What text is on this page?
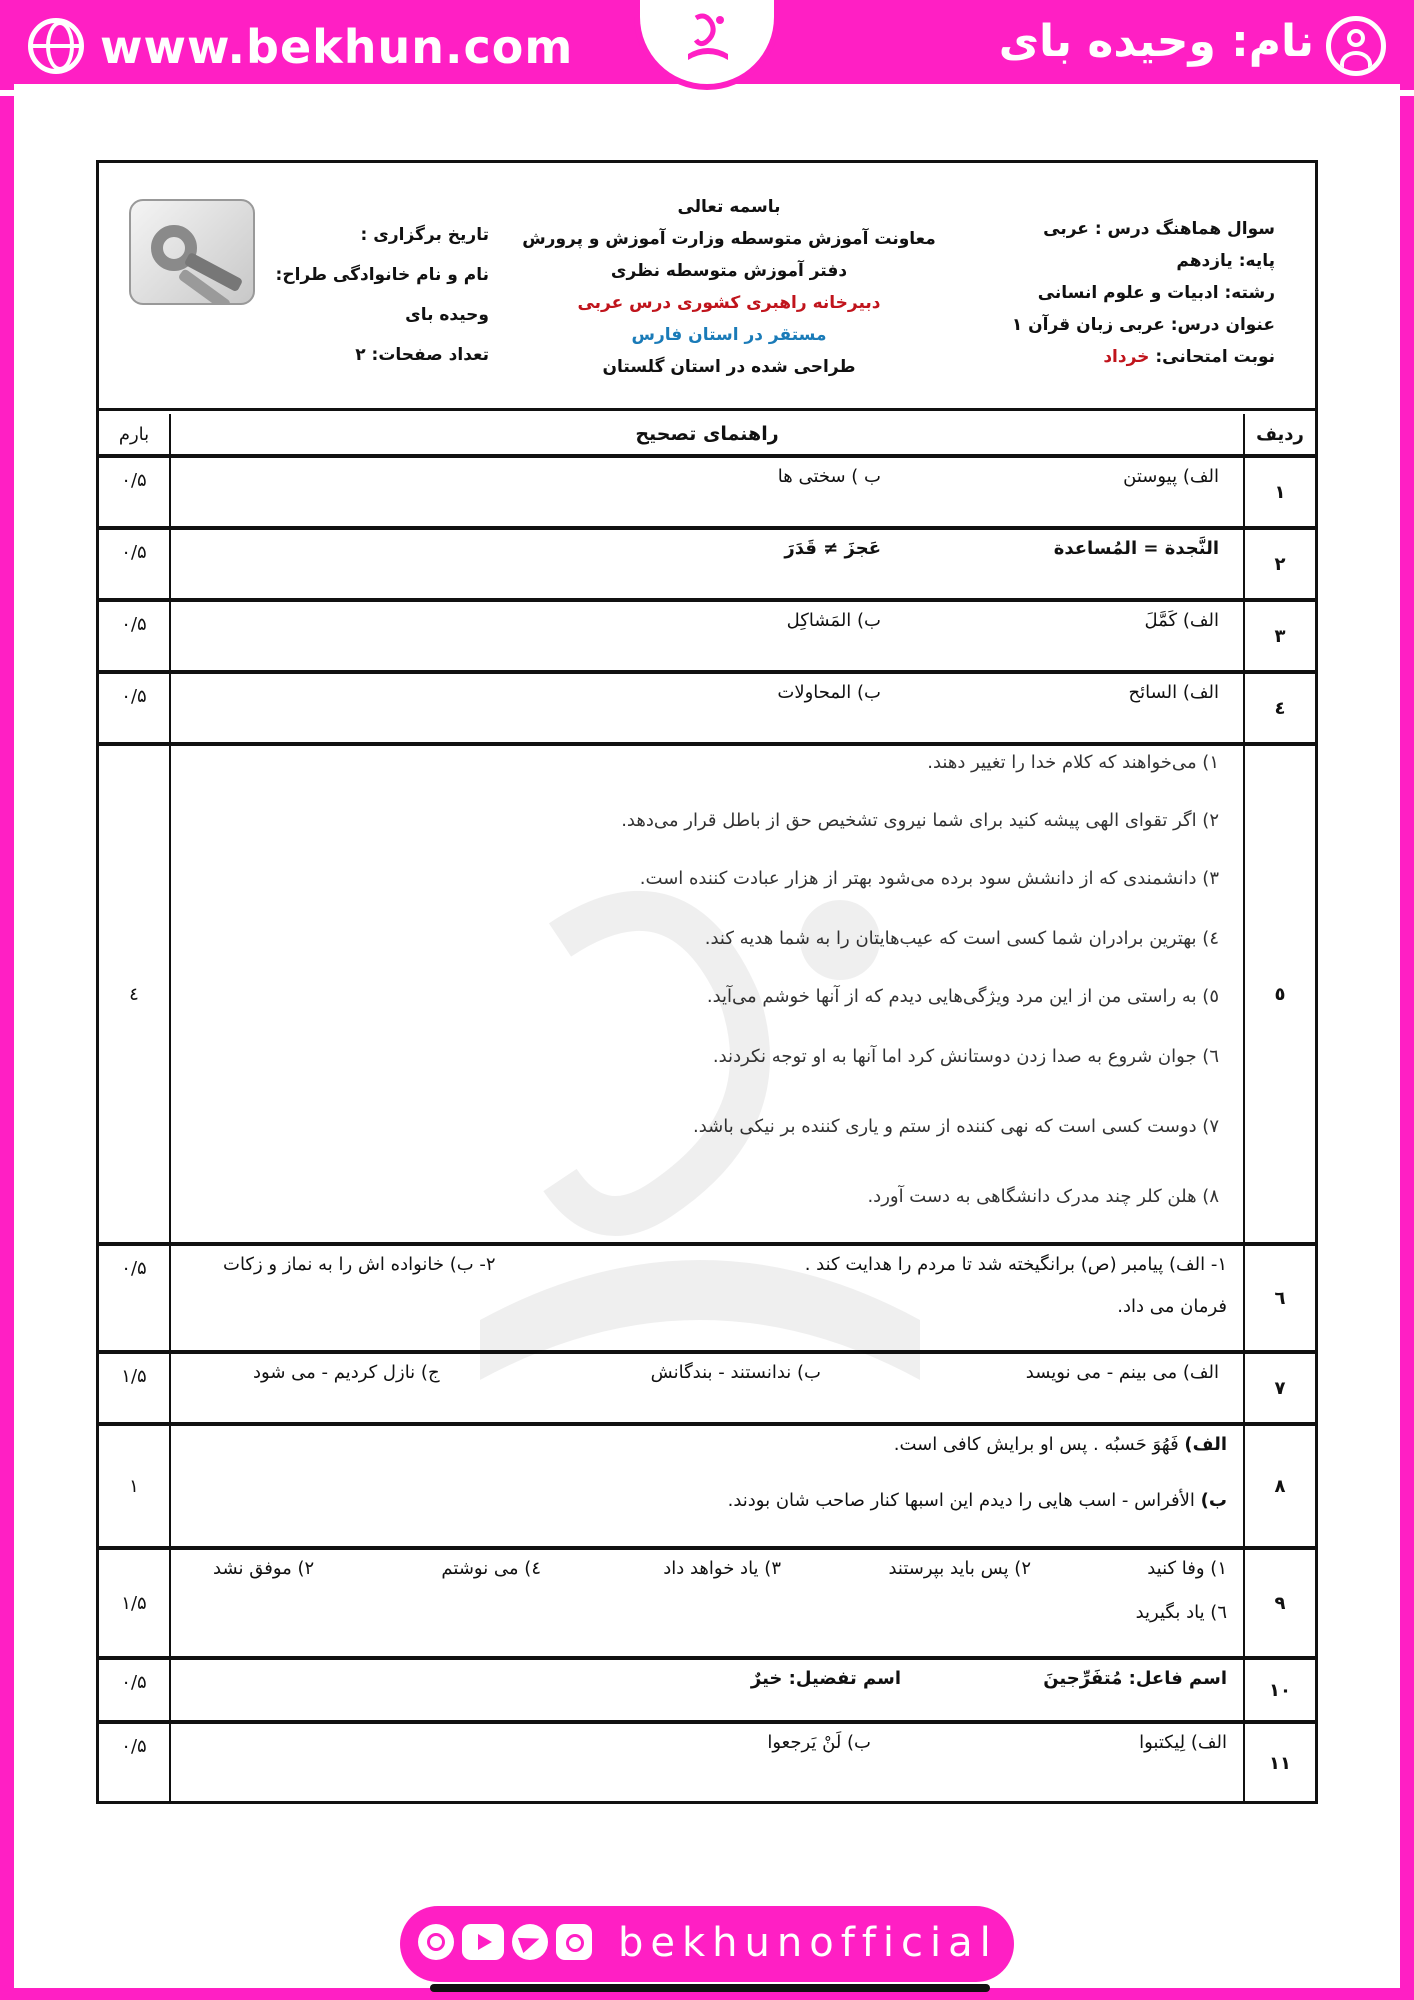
www.bekhun.com	نام: وحیده بای
سوال هماهنگ درس : عربی
پایه: یازدهم
رشته: ادبیات و علوم انسانی
عنوان درس: عربی زبان قرآن ۱
نوبت امتحانی: خرداد
باسمه تعالی
معاونت آموزش متوسطه وزارت آموزش و پرورش
دفتر آموزش متوسطه نظری
دبیرخانه راهبری کشوری درس عربی
مستقر در استان فارس
طراحی شده در استان گلستان
تاریخ برگزاری :
نام و نام خانوادگی طراح:
وحیده بای
تعداد صفحات: ۲
ردیف
راهنمای تصحیح
بارم
١
الف) پیوستن
ب ) سختی ها
۰/۵
٢
النَّجدة = المُساعدة
عَجزَ ≠ قَدَرَ
۰/۵
٣
الف) کَمَّلَ
ب) المَشاکِل
۰/۵
٤
الف) السائح
ب) المحاولات
۰/۵
٥
١) می‌خواهند که کلام خدا را تغییر دهند.
٢) اگر تقوای الهی پیشه کنید برای شما نیروی تشخیص حق از باطل قرار می‌دهد.
٣) دانشمندی که از دانشش سود برده می‌شود بهتر از هزار عبادت کننده است.
٤) بهترین برادران شما کسی است که عیب‌هایتان را به شما هدیه کند.
٥) به راستی من از این مرد ویژگی‌هایی دیدم که از آنها خوشم می‌آید.
٦) جوان شروع به صدا زدن دوستانش کرد اما آنها به او توجه نکردند.
٧) دوست کسی است که نهی کننده از ستم و یاری کننده بر نیکی باشد.
٨) هلن کلر چند مدرک دانشگاهی به دست آورد.
٤
٦
١- الف) پیامبر (ص) برانگیخته شد تا مردم را هدایت کند .
٢- ب) خانواده اش را به نماز و زکات
فرمان می داد.
۰/۵
٧
الف) می بینم - می نویسد
ب) ندانستند - بندگانش
ج) نازل کردیم - می شود
۱/۵
٨
الف) فَهُوَ حَسبُه . پس او برایش کافی است.
ب) الأفراس - اسب هایی را دیدم این اسبها کنار صاحب شان بودند.
۱
٩
١) وفا کنید
٢) پس باید بپرستند
٣) یاد خواهد داد
٤) می نوشتم
٢) موفق نشد
٦) یاد بگیرید
۱/۵
١٠
اسم فاعل: مُتفَرِّجینَ
اسم تفضیل: خیرٌ
۰/۵
١١
الف) لِیکتبوا
ب) لَنْ یَرجعوا
۰/۵
bekhunofficial
